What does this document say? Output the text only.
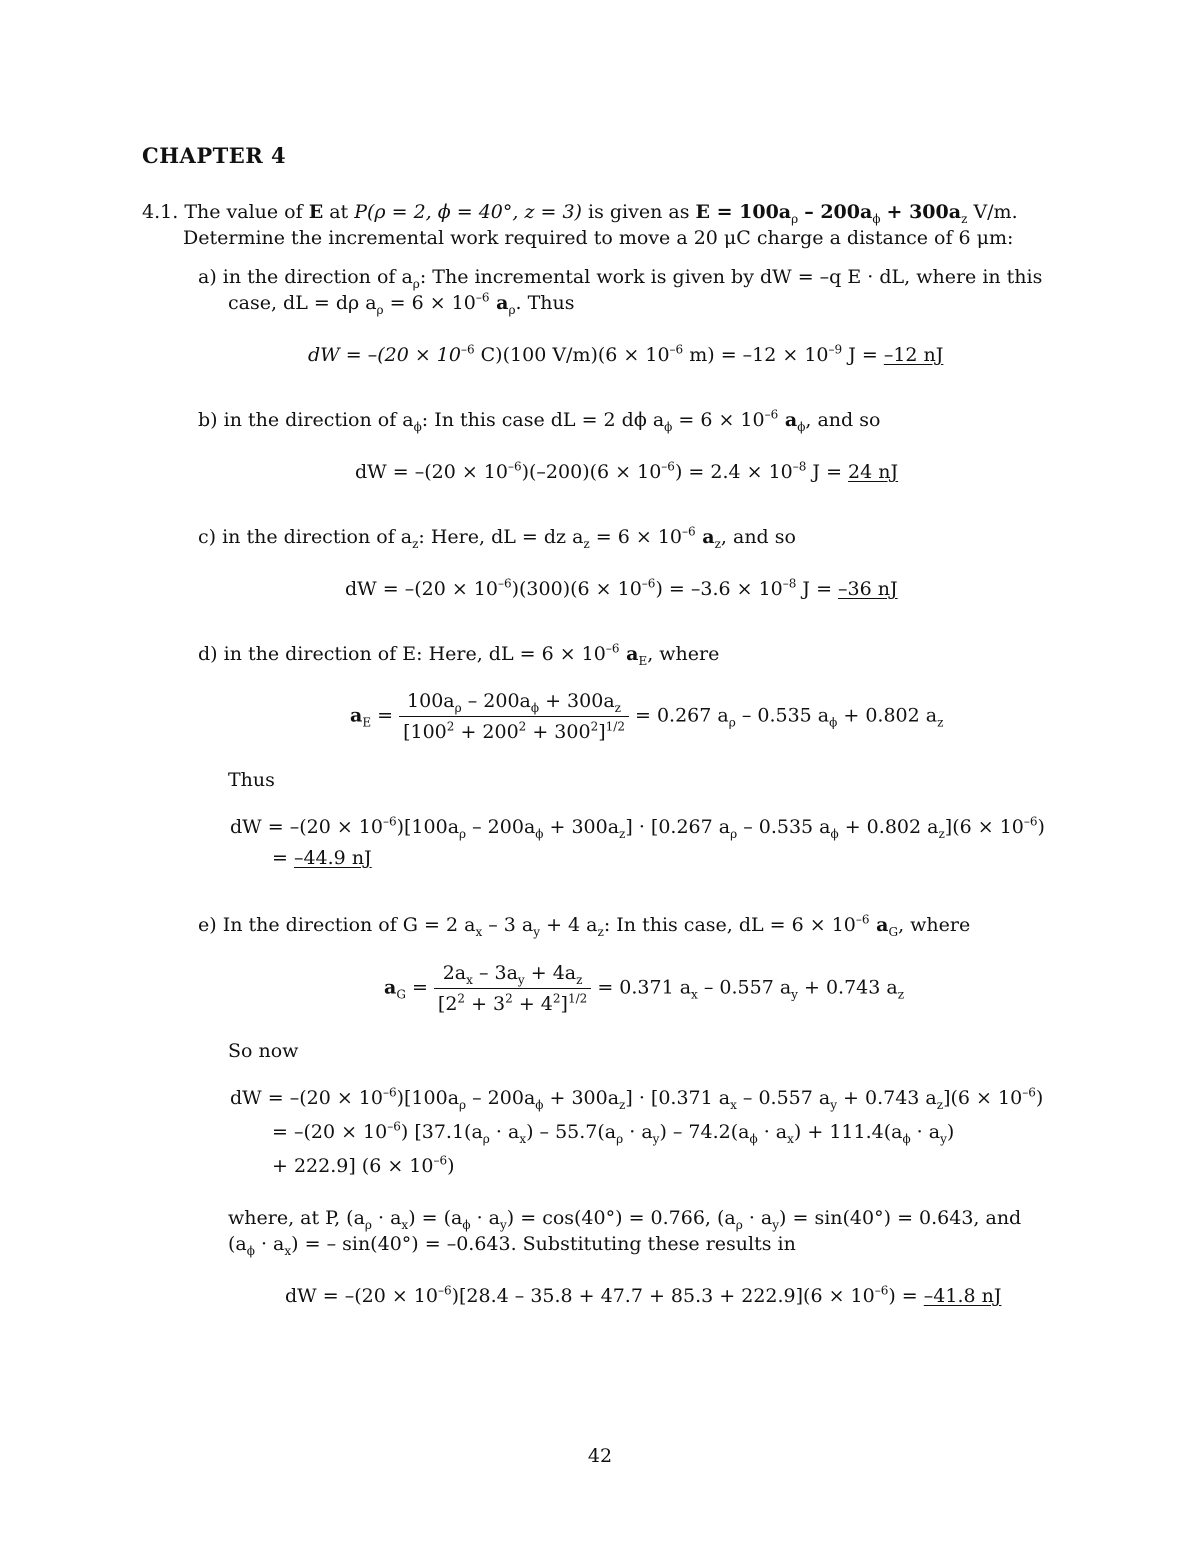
CHAPTER 4
4.1. The value of E at P(ρ = 2, ϕ = 40°, z = 3) is given as $E = 100a_\rho - 200a_\phi + 300a_z$ V/m.
Determine the incremental work required to move a 20 μC charge a distance of 6 μm:
a) in the direction of $a_\rho$: The incremental work is given by dW = –q E · dL, where in this
case, dL = dρ $a_\rho = 6 \times 10^{-6}$ $a_\rho$. Thus
dW = $-(20 \times 10^{-6}$ C)(100 $V/m)(6 \times 10^{-6}$ $m) = -12 \times 10^{-9}$ J = –12 nJ
b) in the direction of $a_\phi$: In this case dL = 2 dϕ $a_\phi = 6 \times 10^{-6}$ $a_\phi$, and so
dW = $-(20 \times 10^{-6})(-200)(6 \times 10^{-6}) = 2.4 \times 10^{-8}$ J = 24 nJ
c) in the direction of $a_z$: Here, dL = dz $a_z = 6 \times 10^{-6}$ $a_z$, and so
dW = $-(20 \times 10^{-6})(300)(6 \times 10^{-6}) = -3.6 \times 10^{-8}$ J = –36 nJ
d) in the direction of E: Here, dL = $6 \times 10^{-6}$ $a_E$, where
$a_E = \frac{100a_\rho - 200a_\phi + 300a_z}{[100^2 + 200^2 + 300^2]^{1/2}} = 0.267$ $a_\rho - 0.535$ $a_\phi + 0.802$ $a_z$
Thus
dW = $-(20 \times 10^{-6})[100a_\rho - 200a_\phi + 300a_z] \cdot [0.267$ $a_\rho - 0.535$ $a_\phi + 0.802$ $a_z](6 \times 10^{-6})$
= –44.9 nJ
e) In the direction of G = 2 $a_x - 3$ $a_y + 4$ $a_z$: In this case, dL = $6 \times 10^{-6}$ $a_G$, where
$a_G = \frac{2a_x - 3a_y + 4a_z}{[2^2 + 3^2 + 4^2]^{1/2}} = 0.371$ $a_x - 0.557$ $a_y + 0.743$ $a_z$
So now
dW = $-(20 \times 10^{-6})[100a_\rho - 200a_\phi + 300a_z] \cdot [0.371$ $a_x - 0.557$ $a_y + 0.743$ $a_z](6 \times 10^{-6})$
= $-(20 \times 10^{-6})$ [$37.1(a_\rho \cdot a_x) - 55.7(a_\rho \cdot a_y) - 74.2(a_\phi \cdot a_x) + 111.4(a_\phi \cdot a_y)$
+ 222.9] $(6 \times 10^{-6})$
where, at P, $(a_\rho \cdot a_x) = (a_\phi \cdot a_y) = \cos(40^\circ) = 0.766$, $(a_\rho \cdot a_y) = \sin(40^\circ) = 0.643$, and
$(a_\phi \cdot a_x)$ = – sin(40°) = –0.643. Substituting these results in
dW = $-(20 \times 10^{-6})[28.4 - 35.8 + 47.7 + 85.3 + 222.9](6 \times 10^{-6}) = -41.8$ nJ
42
